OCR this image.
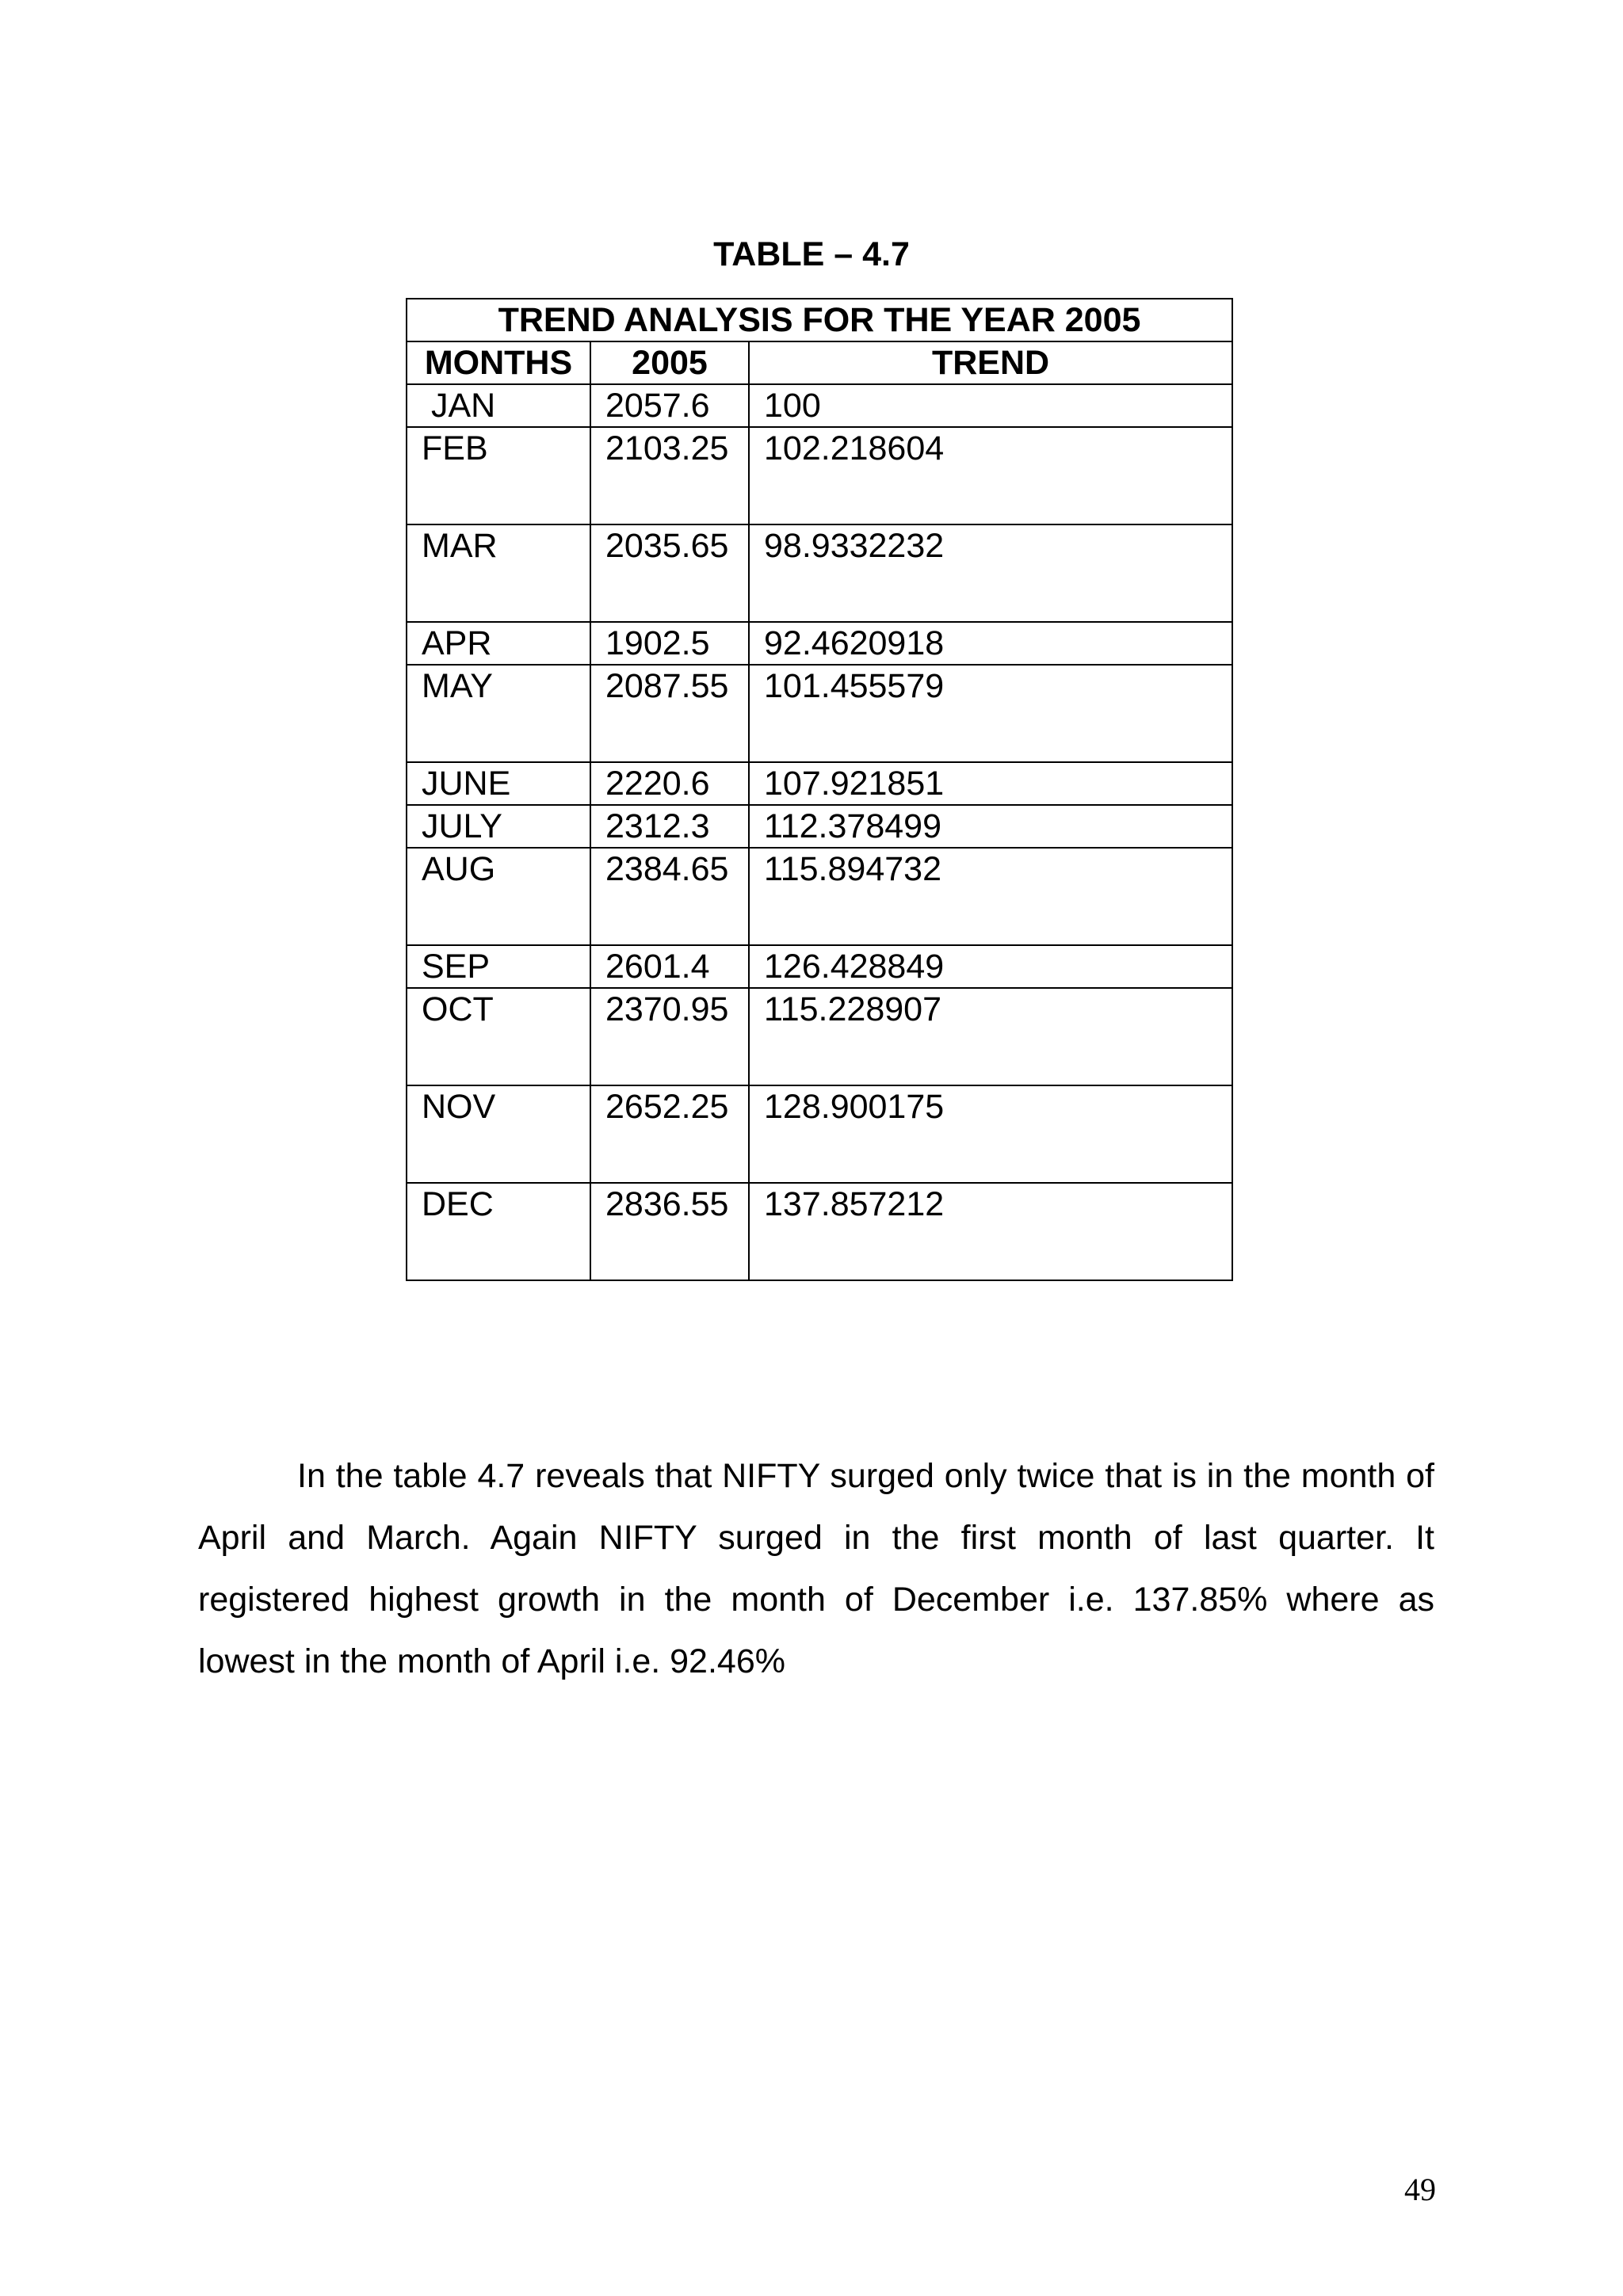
TABLE – 4.7
TREND ANALYSIS FOR THE YEAR 2005		
MONTHS	2005	TREND
JAN	2057.6	100
FEB	2103.25	102.218604
MAR	2035.65	98.9332232
APR	1902.5	92.4620918
MAY	2087.55	101.455579
JUNE	2220.6	107.921851
JULY	2312.3	112.378499
AUG	2384.65	115.894732
SEP	2601.4	126.428849
OCT	2370.95	115.228907
NOV	2652.25	128.900175
DEC	2836.55	137.857212

In the table 4.7 reveals that NIFTY surged only twice that is in the month of April and March. Again NIFTY surged in the first month of last quarter. It registered highest growth in the month of December i.e. 137.85% where as lowest in the month of April i.e. 92.46%

49
